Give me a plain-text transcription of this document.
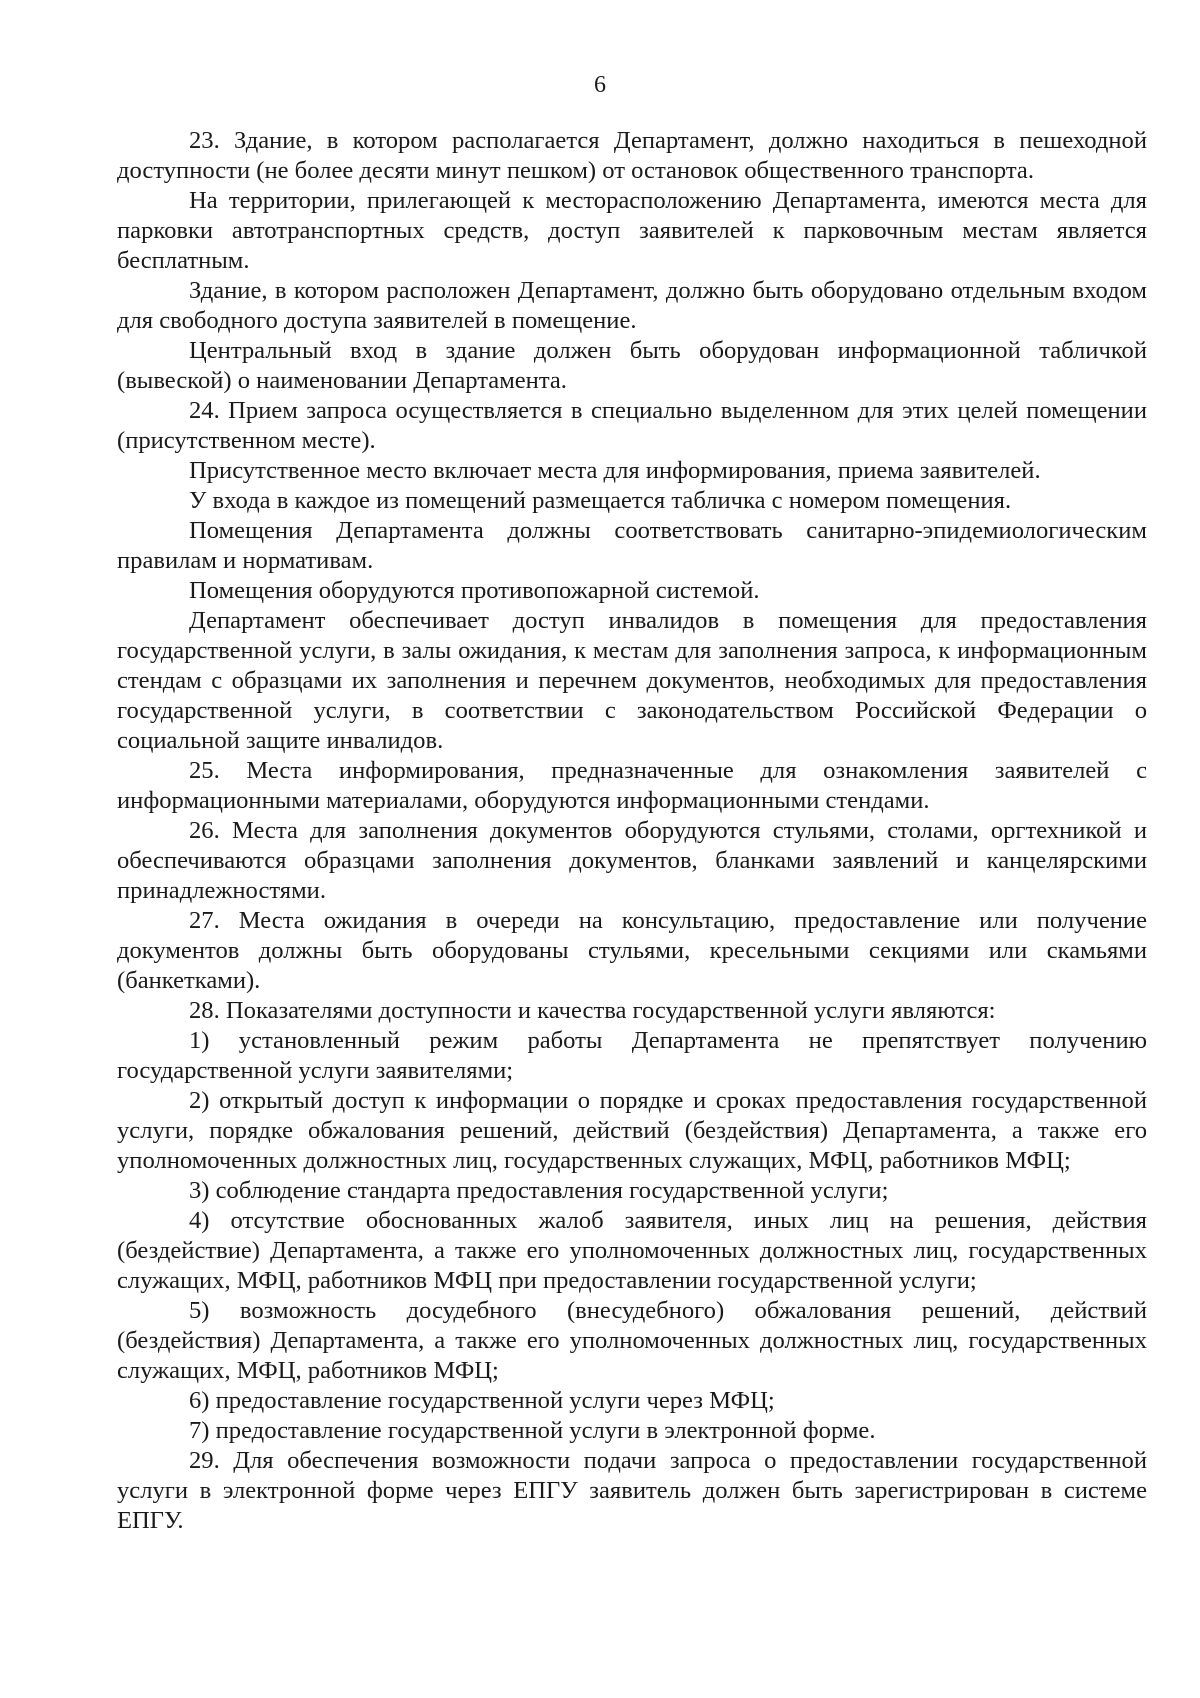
6

23. Здание, в котором располагается Департамент, должно находиться в пешеходной доступности (не более десяти минут пешком) от остановок общественного транспорта.

На территории, прилегающей к месторасположению Департамента, имеются места для парковки автотранспортных средств, доступ заявителей к парковочным местам является бесплатным.

Здание, в котором расположен Департамент, должно быть оборудовано отдельным входом для свободного доступа заявителей в помещение.

Центральный вход в здание должен быть оборудован информационной табличкой (вывеской) о наименовании Департамента.

24. Прием запроса осуществляется в специально выделенном для этих целей помещении (присутственном месте).

Присутственное место включает места для информирования, приема заявителей.

У входа в каждое из помещений размещается табличка с номером помещения.

Помещения Департамента должны соответствовать санитарно-эпидемиологическим правилам и нормативам.

Помещения оборудуются противопожарной системой.

Департамент обеспечивает доступ инвалидов в помещения для предоставления государственной услуги, в залы ожидания, к местам для заполнения запроса, к информационным стендам с образцами их заполнения и перечнем документов, необходимых для предоставления государственной услуги, в соответствии с законодательством Российской Федерации о социальной защите инвалидов.

25. Места информирования, предназначенные для ознакомления заявителей с информационными материалами, оборудуются информационными стендами.

26. Места для заполнения документов оборудуются стульями, столами, оргтехникой и обеспечиваются образцами заполнения документов, бланками заявлений и канцелярскими принадлежностями.

27. Места ожидания в очереди на консультацию, предоставление или получение документов должны быть оборудованы стульями, кресельными секциями или скамьями (банкетками).

28. Показателями доступности и качества государственной услуги являются:

1) установленный режим работы Департамента не препятствует получению государственной услуги заявителями;

2) открытый доступ к информации о порядке и сроках предоставления государственной услуги, порядке обжалования решений, действий (бездействия) Департамента, а также его уполномоченных должностных лиц, государственных служащих, МФЦ, работников МФЦ;

3) соблюдение стандарта предоставления государственной услуги;

4) отсутствие обоснованных жалоб заявителя, иных лиц на решения, действия (бездействие) Департамента, а также его уполномоченных должностных лиц, государственных служащих, МФЦ, работников МФЦ при предоставлении государственной услуги;

5) возможность досудебного (внесудебного) обжалования решений, действий (бездействия) Департамента, а также его уполномоченных должностных лиц, государственных служащих, МФЦ, работников МФЦ;

6) предоставление государственной услуги через МФЦ;

7) предоставление государственной услуги в электронной форме.

29. Для обеспечения возможности подачи запроса о предоставлении государственной услуги в электронной форме через ЕПГУ заявитель должен быть зарегистрирован в системе ЕПГУ.
